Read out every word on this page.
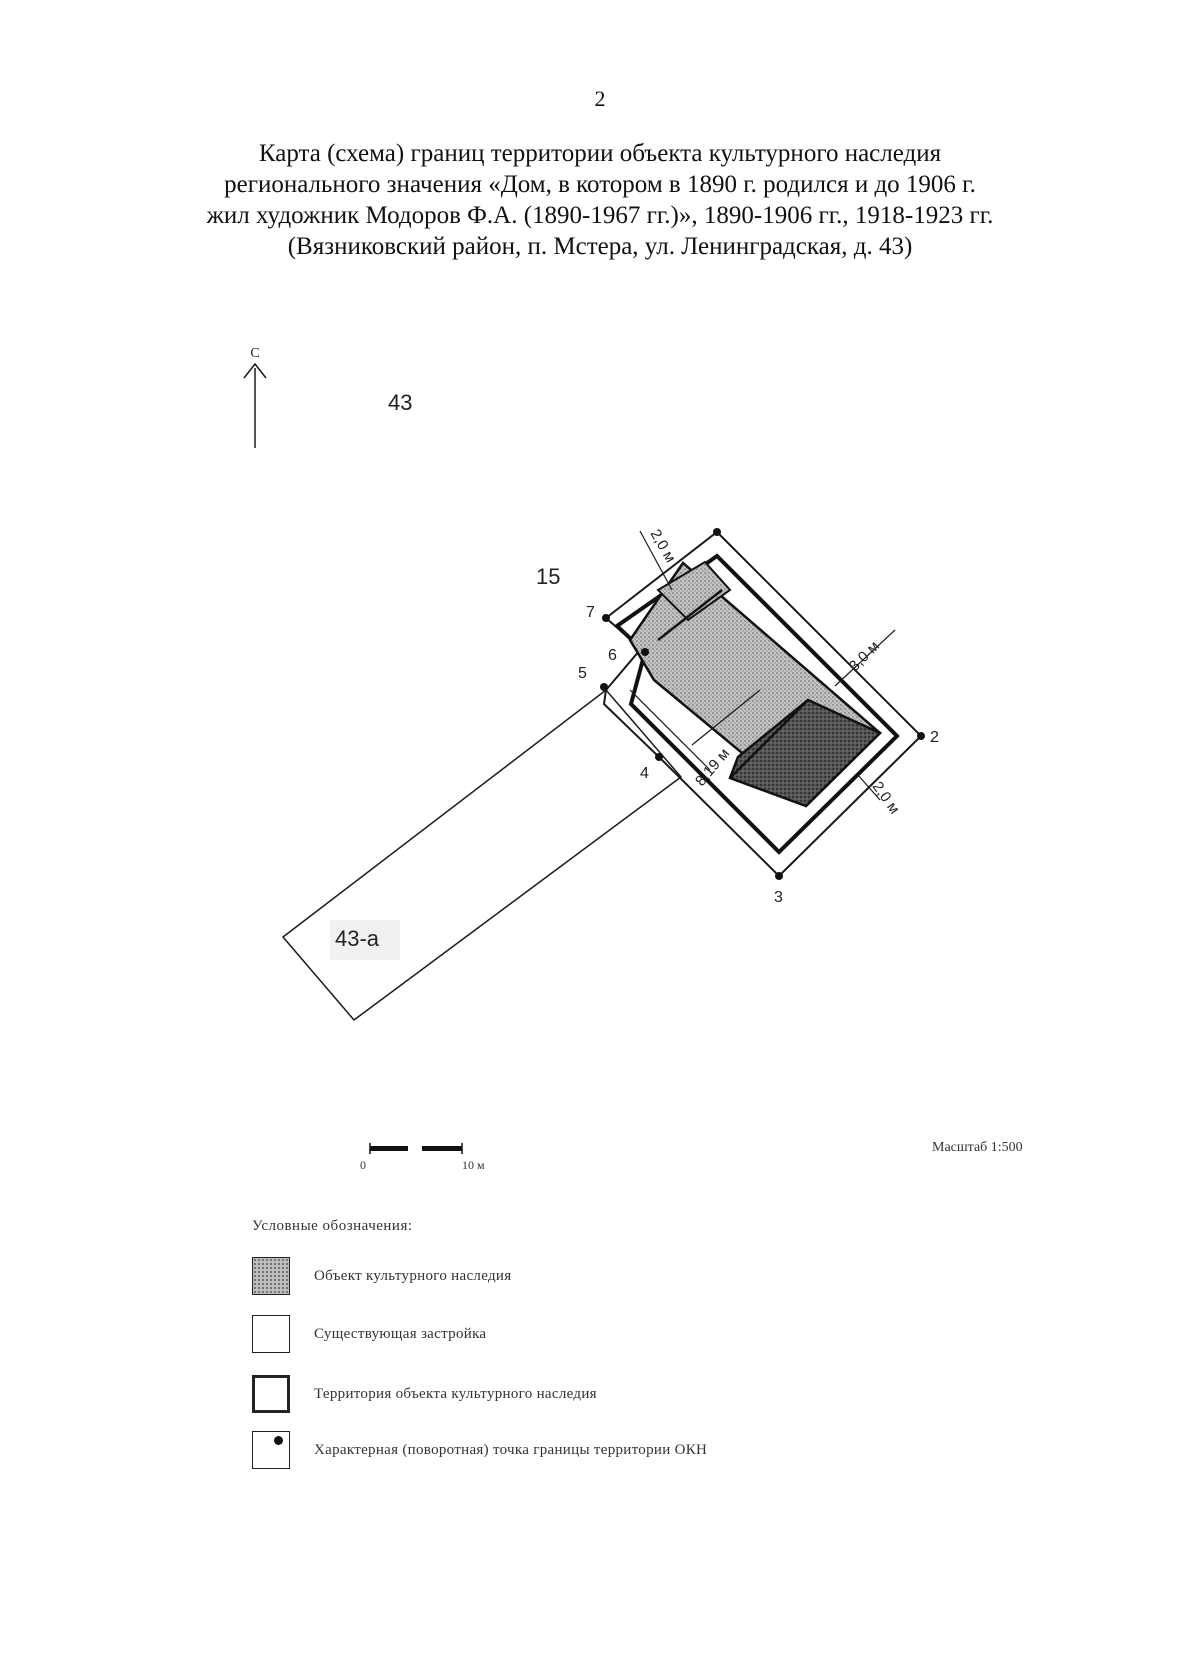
2
Карта (схема) границ территории объекта культурного наследия
регионального значения «Дом, в котором в 1890 г. родился и до 1906 г.
жил художник Модоров Ф.А. (1890-1967 гг.)», 1890-1906 гг., 1918-1923 гг.
(Вязниковский район, п. Мстера, ул. Ленинградская, д. 43)
С
43
15
43-а
2,0 м
3,0 м
2,0 м
8,19 м
7
6
5
4
3
2
0	10 м
Масштаб 1:500
Условные обозначения:
Объект культурного наследия
Существующая застройка
Территория объекта культурного наследия
Характерная (поворотная) точка границы территории ОКН
